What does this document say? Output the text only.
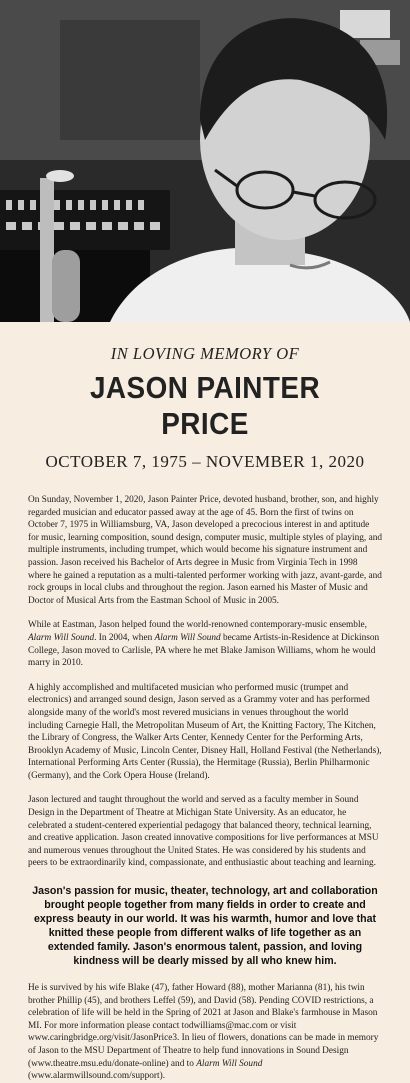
IN LOVING MEMORY OF
JASON PAINTER PRICE
OCTOBER 7, 1975 – NOVEMBER 1, 2020

On Sunday, November 1, 2020, Jason Painter Price, devoted husband, brother, son, and highly regarded musician and educator passed away at the age of 45. Born the first of twins on October 7, 1975 in Williamsburg, VA, Jason developed a precocious interest in and aptitude for music, learning composition, sound design, computer music, multiple styles of playing, and multiple instruments, including trumpet, which would become his signature instrument and passion. Jason received his Bachelor of Arts degree in Music from Virginia Tech in 1998 where he gained a reputation as a multi-talented performer working with jazz, avant-garde, and rock groups in local clubs and throughout the region. Jason earned his Master of Music and Doctor of Musical Arts from the Eastman School of Music in 2005.

While at Eastman, Jason helped found the world-renowned contemporary-music ensemble, Alarm Will Sound. In 2004, when Alarm Will Sound became Artists-in-Residence at Dickinson College, Jason moved to Carlisle, PA where he met Blake Jamison Williams, whom he would marry in 2010.

A highly accomplished and multifaceted musician who performed music (trumpet and electronics) and arranged sound design, Jason served as a Grammy voter and has performed alongside many of the world's most revered musicians in venues throughout the world including Carnegie Hall, the Metropolitan Museum of Art, the Knitting Factory, The Kitchen, the Library of Congress, the Walker Arts Center, Kennedy Center for the Performing Arts, Brooklyn Academy of Music, Lincoln Center, Disney Hall, Holland Festival (the Netherlands), International Performing Arts Center (Russia), the Hermitage (Russia), Berlin Philharmonic (Germany), and the Cork Opera House (Ireland).

Jason lectured and taught throughout the world and served as a faculty member in Sound Design in the Department of Theatre at Michigan State University. As an educator, he celebrated a student-centered experiential pedagogy that balanced theory, technical learning, and creative application. Jason created innovative compositions for live performances at MSU and numerous venues throughout the United States. He was considered by his students and peers to be extraordinarily kind, compassionate, and enthusiastic about teaching and learning.

Jason's passion for music, theater, technology, art and collaboration brought people together from many fields in order to create and express beauty in our world. It was his warmth, humor and love that knitted these people from different walks of life together as an extended family. Jason's enormous talent, passion, and loving kindness will be dearly missed by all who knew him.

He is survived by his wife Blake (47), father Howard (88), mother Marianna (81), his twin brother Phillip (45), and brothers Leffel (59), and David (58). Pending COVID restrictions, a celebration of life will be held in the Spring of 2021 at Jason and Blake's farmhouse in Mason MI. For more information please contact todwilliams@mac.com or visit www.caringbridge.org/visit/JasonPrice3. In lieu of flowers, donations can be made in memory of Jason to the MSU Department of Theatre to help fund innovations in Sound Design (www.theatre.msu.edu/donate-online) and to Alarm Will Sound (www.alarmwillsound.com/support).
